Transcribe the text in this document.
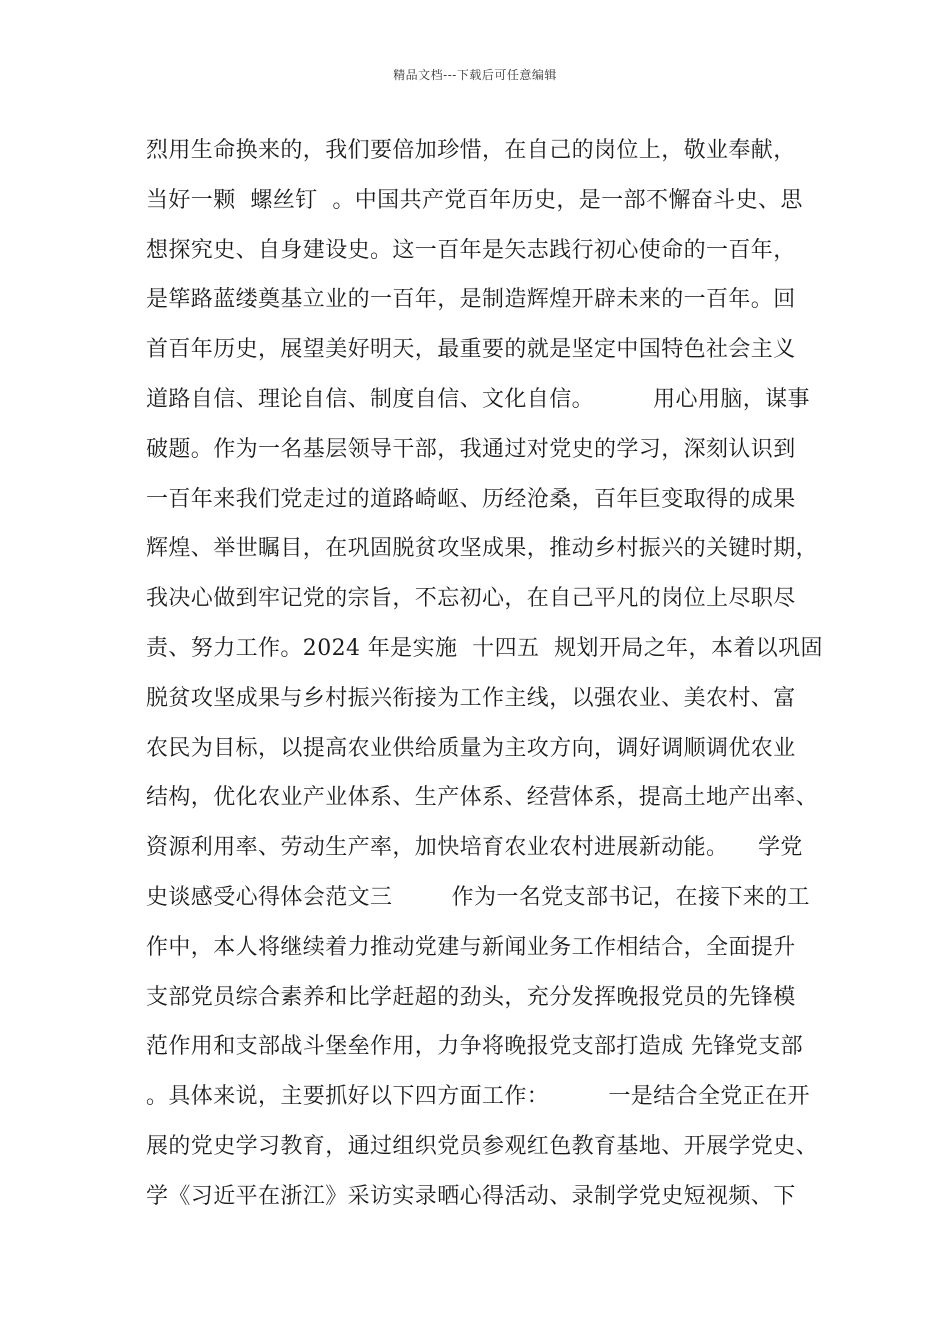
精品文档---下载后可任意编辑
烈用生命换来的，我们要倍加珍惜，在自己的岗位上，敬业奉献，
当好一颗  螺丝钉  。中国共产党百年历史，是一部不懈奋斗史、思
想探究史、自身建设史。这一百年是矢志践行初心使命的一百年，
是筚路蓝缕奠基立业的一百年，是制造辉煌开辟未来的一百年。回
首百年历史，展望美好明天，最重要的就是坚定中国特色社会主义
道路自信、理论自信、制度自信、文化自信。        用心用脑，谋事
破题。作为一名基层领导干部，我通过对党史的学习，深刻认识到
一百年来我们党走过的道路崎岖、历经沧桑，百年巨变取得的成果
辉煌、举世瞩目，在巩固脱贫攻坚成果，推动乡村振兴的关键时期，
我决心做到牢记党的宗旨，不忘初心，在自己平凡的岗位上尽职尽
责、努力工作。2024 年是实施  十四五  规划开局之年，本着以巩固
脱贫攻坚成果与乡村振兴衔接为工作主线，以强农业、美农村、富
农民为目标，以提高农业供给质量为主攻方向，调好调顺调优农业
结构，优化农业产业体系、生产体系、经营体系，提高土地产出率、
资源利用率、劳动生产率，加快培育农业农村进展新动能。    学党
史谈感受心得体会范文三        作为一名党支部书记，在接下来的工
作中，本人将继续着力推动党建与新闻业务工作相结合，全面提升
支部党员综合素养和比学赶超的劲头，充分发挥晚报党员的先锋模
范作用和支部战斗堡垒作用，力争将晚报党支部打造成 先锋党支部
。具体来说，主要抓好以下四方面工作：        一是结合全党正在开
展的党史学习教育，通过组织党员参观红色教育基地、开展学党史、
学《习近平在浙江》采访实录晒心得活动、录制学党史短视频、下
